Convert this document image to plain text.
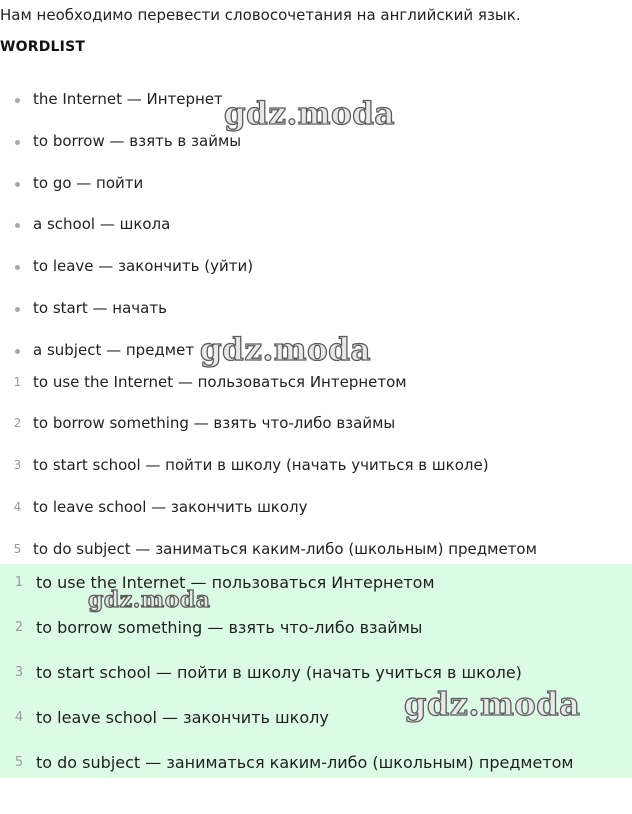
Нам необходимо перевести словосочетания на английский язык.
WORDLIST
the Internet — Интернет
to borrow — взять в займы
to go — пойти
a school — школа
to leave — закончить (уйти)
to start — начать
a subject — предмет
1 to use the Internet — пользоваться Интернетом
2 to borrow something — взять что-либо взаймы
3 to start school — пойти в школу (начать учиться в школе)
4 to leave school — закончить школу
5 to do subject — заниматься каким-либо (школьным) предметом
1 to use the Internet — пользоваться Интернетом
2 to borrow something — взять что-либо взаймы
3 to start school — пойти в школу (начать учиться в школе)
4 to leave school — закончить школу
5 to do subject — заниматься каким-либо (школьным) предметом
gdz.moda
gdz.moda
gdz.moda
gdz.moda
